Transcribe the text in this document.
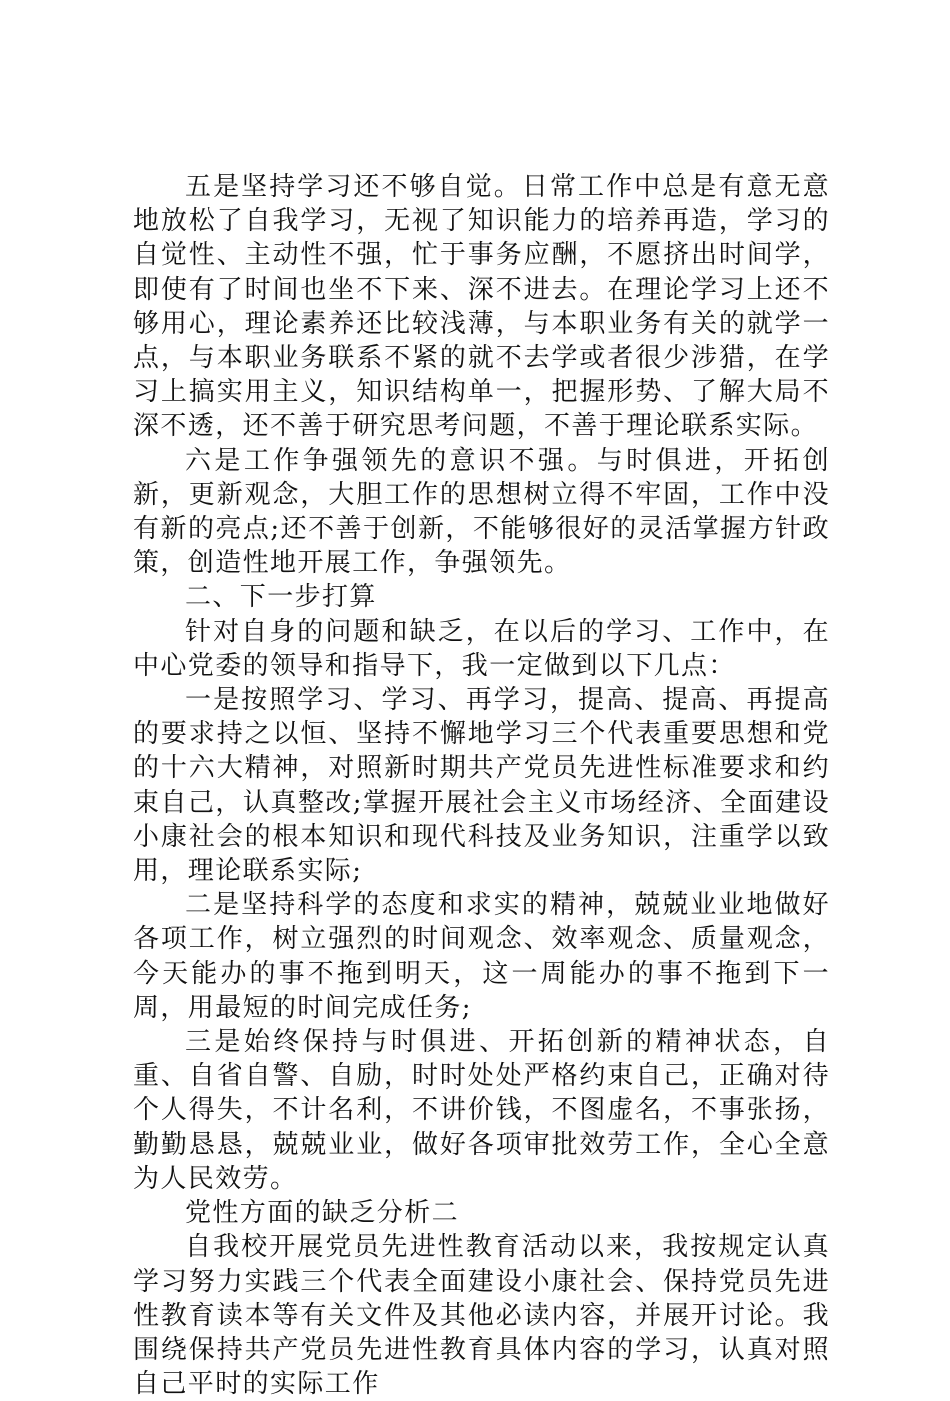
五是坚持学习还不够自觉。日常工作中总是有意无意地放松了自我学习，无视了知识能力的培养再造，学习的自觉性、主动性不强，忙于事务应酬，不愿挤出时间学，即使有了时间也坐不下来、深不进去。在理论学习上还不够用心，理论素养还比较浅薄，与本职业务有关的就学一点，与本职业务联系不紧的就不去学或者很少涉猎，在学习上搞实用主义，知识结构单一，把握形势、了解大局不深不透，还不善于研究思考问题，不善于理论联系实际。

六是工作争强领先的意识不强。与时俱进，开拓创新，更新观念，大胆工作的思想树立得不牢固，工作中没有新的亮点;还不善于创新，不能够很好的灵活掌握方针政策，创造性地开展工作，争强领先。

二、下一步打算

针对自身的问题和缺乏，在以后的学习、工作中，在中心党委的领导和指导下，我一定做到以下几点：

一是按照学习、学习、再学习，提高、提高、再提高的要求持之以恒、坚持不懈地学习三个代表重要思想和党的十六大精神，对照新时期共产党员先进性标准要求和约束自己，认真整改;掌握开展社会主义市场经济、全面建设小康社会的根本知识和现代科技及业务知识，注重学以致用，理论联系实际;

二是坚持科学的态度和求实的精神，兢兢业业地做好各项工作，树立强烈的时间观念、效率观念、质量观念，今天能办的事不拖到明天，这一周能办的事不拖到下一周，用最短的时间完成任务;

三是始终保持与时俱进、开拓创新的精神状态，自重、自省自警、自励，时时处处严格约束自己，正确对待个人得失，不计名利，不讲价钱，不图虚名，不事张扬，勤勤恳恳，兢兢业业，做好各项审批效劳工作，全心全意为人民效劳。

党性方面的缺乏分析二

自我校开展党员先进性教育活动以来，我按规定认真学习努力实践三个代表全面建设小康社会、保持党员先进性教育读本等有关文件及其他必读内容，并展开讨论。我围绕保持共产党员先进性教育具体内容的学习，认真对照自己平时的实际工作
